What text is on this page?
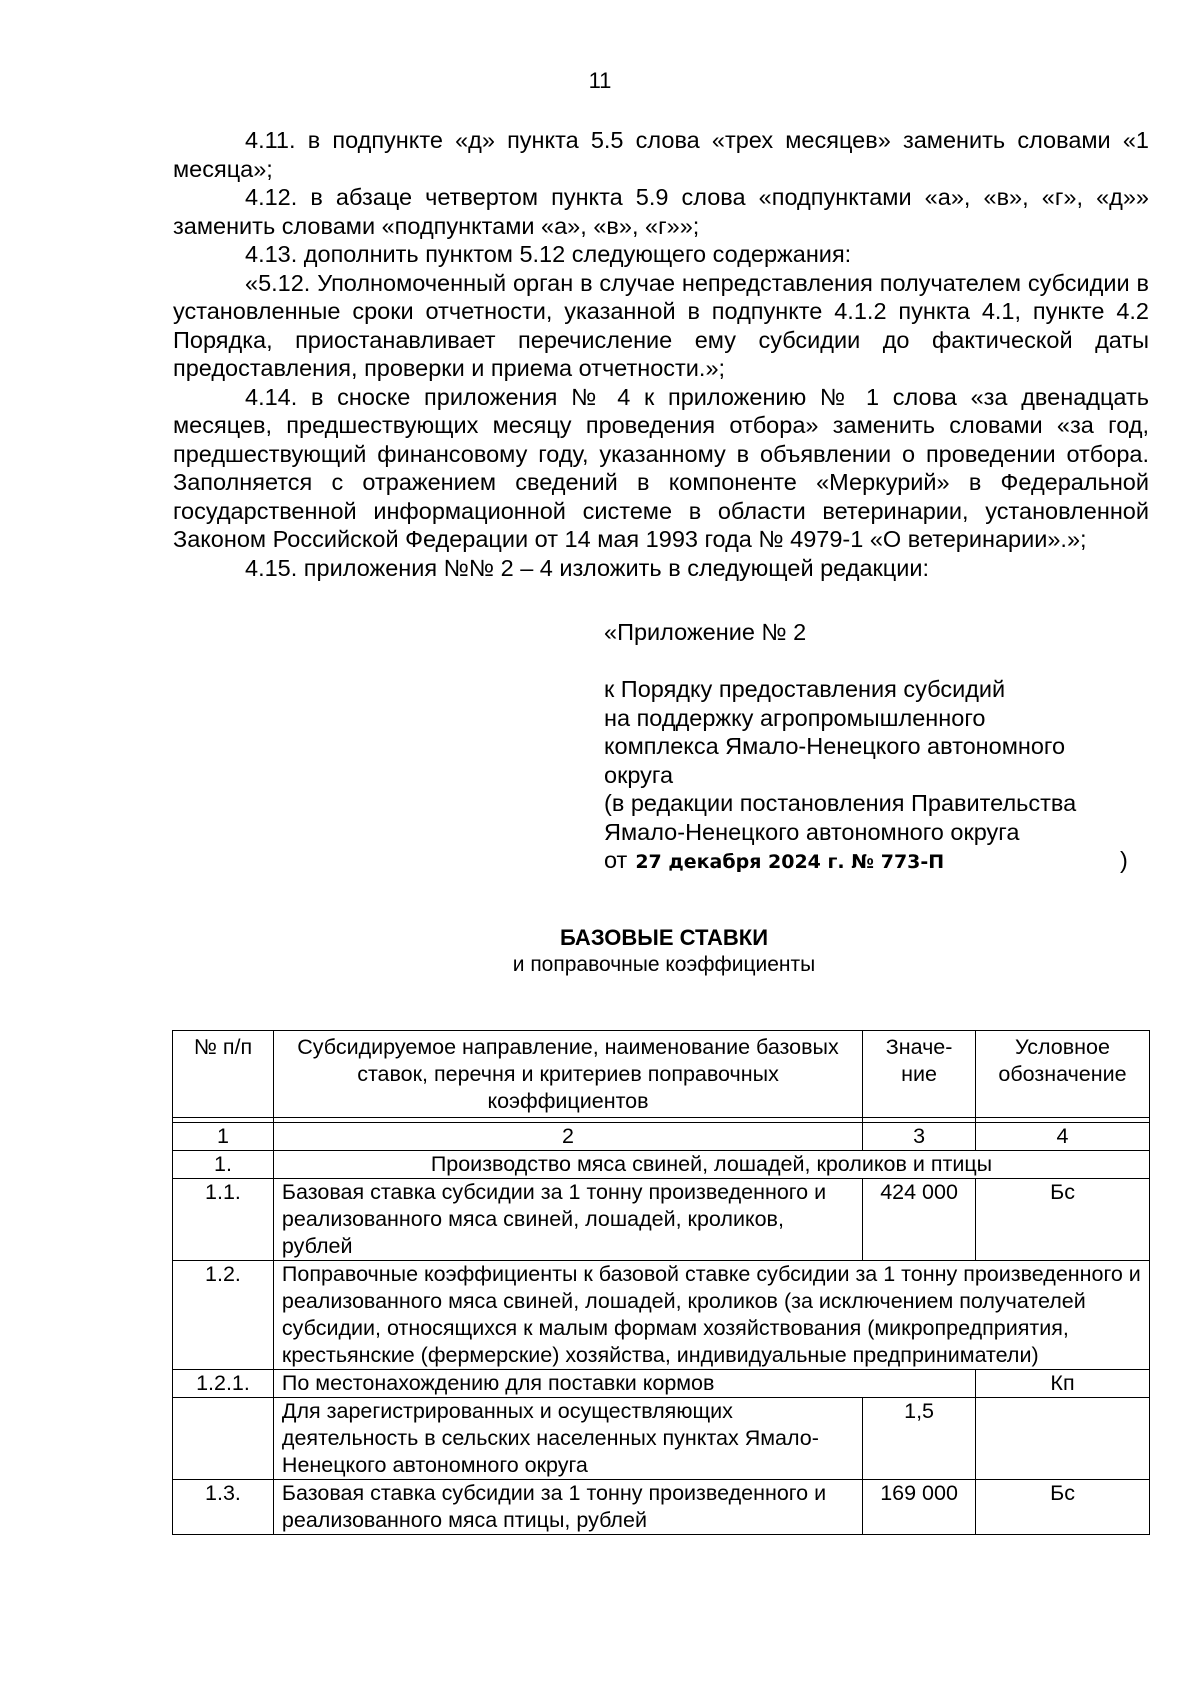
11

4.11. в подпункте «д» пункта 5.5 слова «трех месяцев» заменить словами «1 месяца»;

4.12. в абзаце четвертом пункта 5.9 слова «подпунктами «а», «в», «г», «д»» заменить словами «подпунктами «а», «в», «г»»;

4.13. дополнить пунктом 5.12 следующего содержания:

«5.12. Уполномоченный орган в случае непредставления получателем субсидии в установленные сроки отчетности, указанной в подпункте 4.1.2 пункта 4.1, пункте 4.2 Порядка, приостанавливает перечисление ему субсидии до фактической даты предоставления, проверки и приема отчетности.»;

4.14. в сноске приложения № 4 к приложению № 1 слова «за двенадцать месяцев, предшествующих месяцу проведения отбора» заменить словами «за год, предшествующий финансовому году, указанному в объявлении о проведении отбора. Заполняется с отражением сведений в компоненте «Меркурий» в Федеральной государственной информационной системе в области ветеринарии, установленной Законом Российской Федерации от 14 мая 1993 года № 4979-1 «О ветеринарии».»;

4.15. приложения №№ 2 – 4 изложить в следующей редакции:

«Приложение № 2
к Порядку предоставления субсидий
на поддержку агропромышленного
комплекса Ямало-Ненецкого автономного
округа
(в редакции постановления Правительства
Ямало-Ненецкого автономного округа
от 27 декабря 2024 г. № 773-П	)
БАЗОВЫЕ СТАВКИ
и поправочные коэффициенты
№ п/п	Субсидируемое направление, наименование базовых ставок, перечня и критериев поправочных коэффициентов	Значе-ние	Условное обозначение

1	2	3	4
1.	Производство мяса свиней, лошадей, кроликов и птицы		
1.1.	Базовая ставка субсидии за 1 тонну произведенного и реализованного мяса свиней, лошадей, кроликов, рублей	424 000	Бс
1.2.	Поправочные коэффициенты к базовой ставке субсидии за 1 тонну произведенного и реализованного мяса свиней, лошадей, кроликов (за исключением получателей субсидии, относящихся к малым формам хозяйствования (микропредприятия, крестьянские (фермерские) хозяйства, индивидуальные предприниматели)		
1.2.1.	По местонахождению для поставки кормов		Кп
	Для зарегистрированных и осуществляющих деятельность в сельских населенных пунктах Ямало-Ненецкого автономного округа	1,5	
1.3.	Базовая ставка субсидии за 1 тонну произведенного и реализованного мяса птицы, рублей	169 000	Бс
